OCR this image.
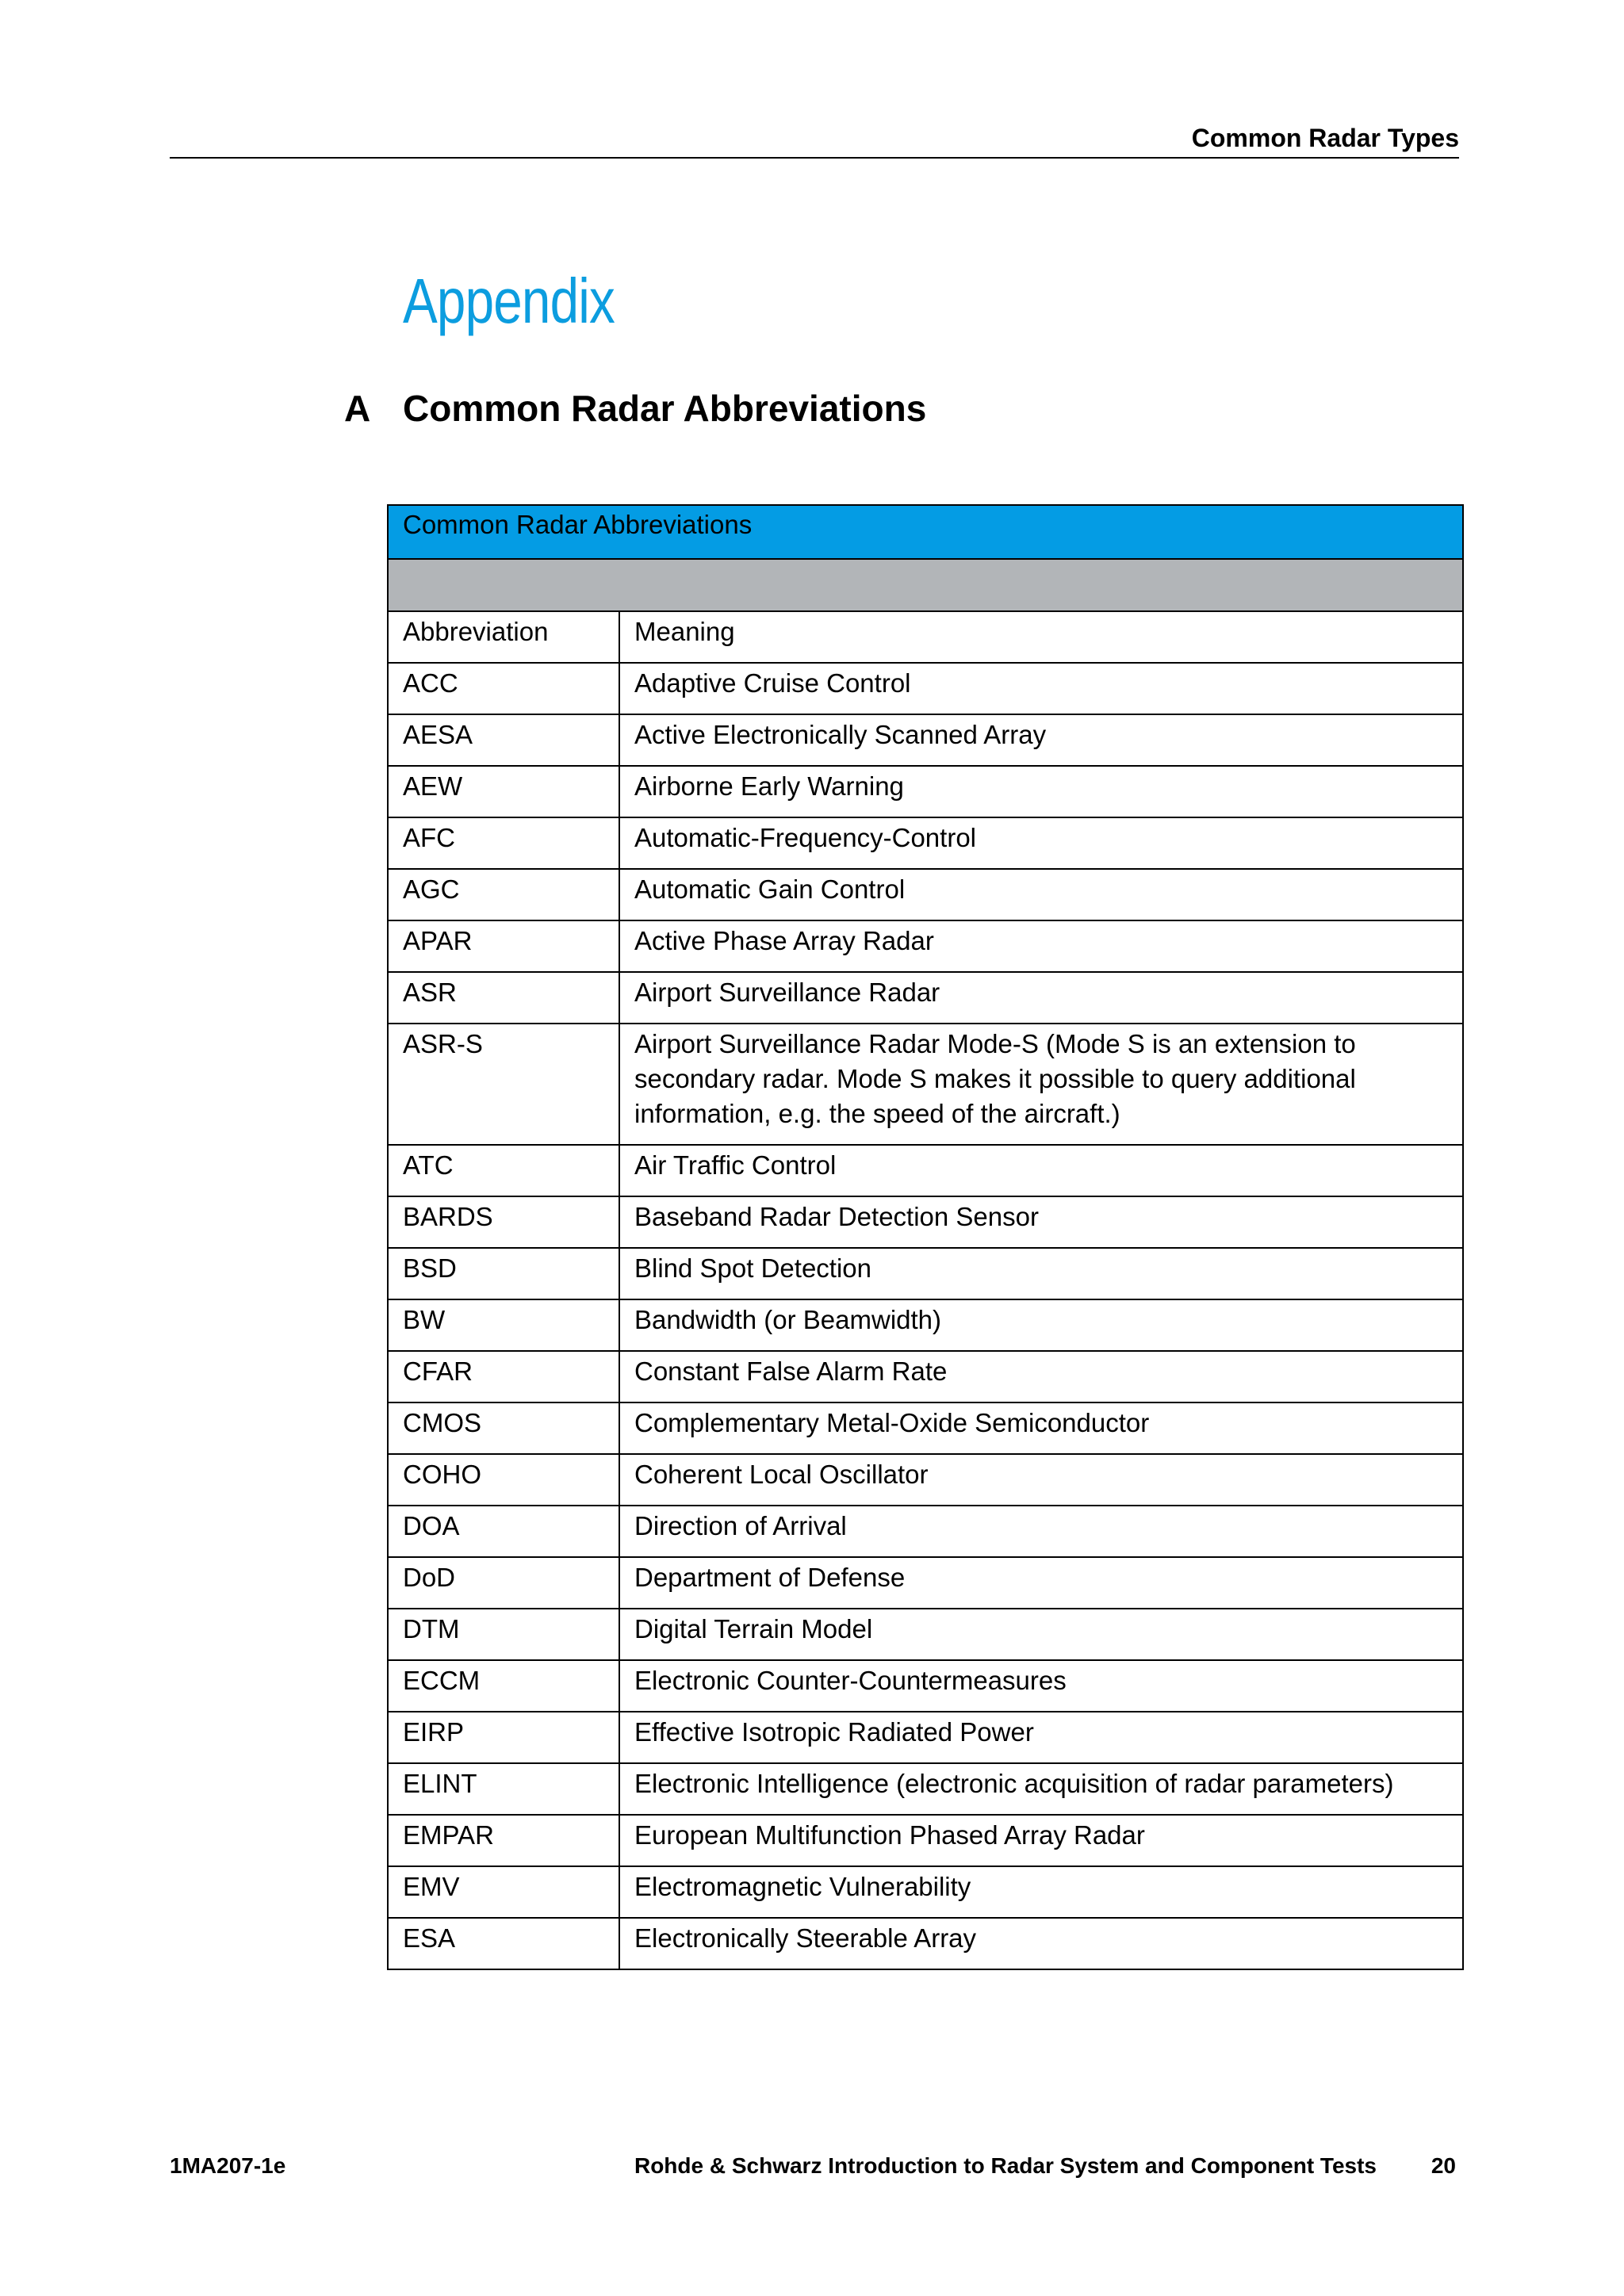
Common Radar Types
Appendix
A Common Radar Abbreviations
Common Radar Abbreviations	

Abbreviation	Meaning
ACC	Adaptive Cruise Control
AESA	Active Electronically Scanned Array
AEW	Airborne Early Warning
AFC	Automatic-Frequency-Control
AGC	Automatic Gain Control
APAR	Active Phase Array Radar
ASR	Airport Surveillance Radar
ASR-S	Airport Surveillance Radar Mode-S (Mode S is an extension to secondary radar. Mode S makes it possible to query additional information, e.g. the speed of the aircraft.)
ATC	Air Traffic Control
BARDS	Baseband Radar Detection Sensor
BSD	Blind Spot Detection
BW	Bandwidth (or Beamwidth)
CFAR	Constant False Alarm Rate
CMOS	Complementary Metal-Oxide Semiconductor
COHO	Coherent Local Oscillator
DOA	Direction of Arrival
DoD	Department of Defense
DTM	Digital Terrain Model
ECCM	Electronic Counter-Countermeasures
EIRP	Effective Isotropic Radiated Power
ELINT	Electronic Intelligence (electronic acquisition of radar parameters)
EMPAR	European Multifunction Phased Array Radar
EMV	Electromagnetic Vulnerability
ESA	Electronically Steerable Array
1MA207-1e	Rohde & Schwarz Introduction to Radar System and Component Tests 20
